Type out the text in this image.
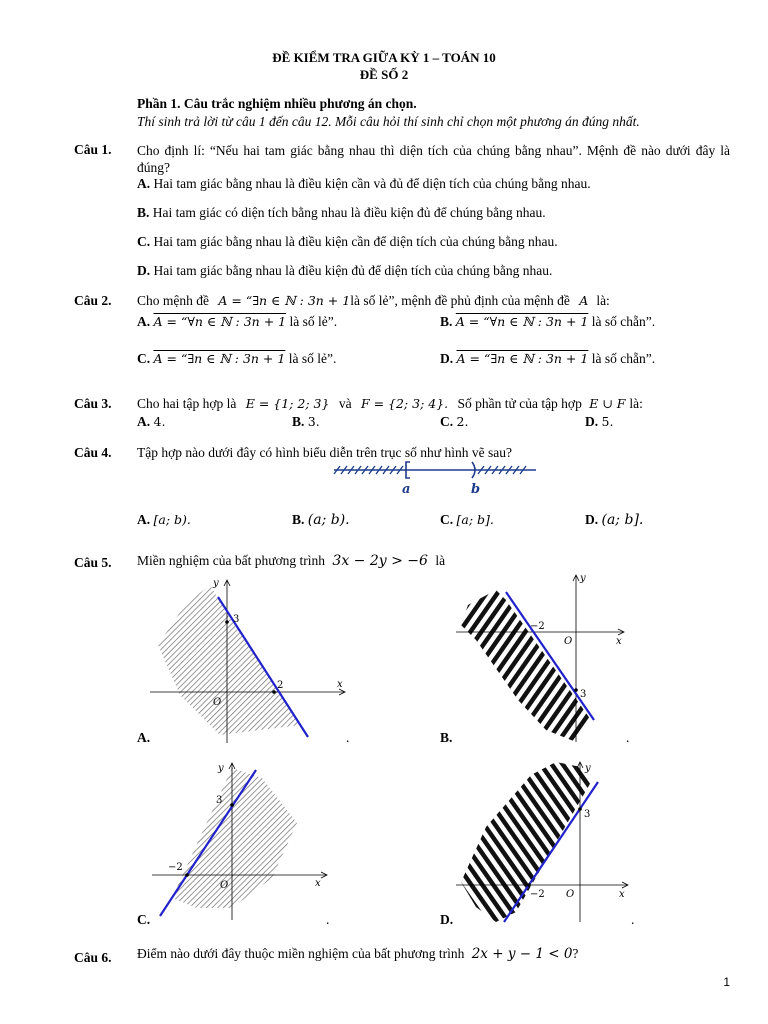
ĐỀ KIỂM TRA GIỮA KỲ 1 – TOÁN 10
ĐỀ SỐ 2
Phần 1. Câu trắc nghiệm nhiều phương án chọn.
Thí sinh trả lời từ câu 1 đến câu 12. Mỗi câu hỏi thí sinh chỉ chọn một phương án đúng nhất.
Câu 1. Cho định lí: “Nếu hai tam giác bằng nhau thì diện tích của chúng bằng nhau”. Mệnh đề nào dưới đây là đúng?
A. Hai tam giác bằng nhau là điều kiện cần và đủ để diện tích của chúng bằng nhau.
B. Hai tam giác có diện tích bằng nhau là điều kiện đủ để chúng bằng nhau.
C. Hai tam giác bằng nhau là điều kiện cần để diện tích của chúng bằng nhau.
D. Hai tam giác bằng nhau là điều kiện đủ để diện tích của chúng bằng nhau.
Câu 2. Cho mệnh đề A = “∃n ∈ ℕ : 3n + 1là số lẻ”, mệnh đề phủ định của mệnh đề A là:
A. A = “∀n ∈ ℕ : 3n + 1 là số lẻ”.	B. A = “∀n ∈ ℕ : 3n + 1 là số chẵn”.
C. A = “∃n ∈ ℕ : 3n + 1 là số lẻ”.	D. A = “∃n ∈ ℕ : 3n + 1 là số chẵn”.
Câu 3. Cho hai tập hợp là E = {1; 2; 3} và F = {2; 3; 4}. Số phần tử của tập hợp E ∪ F là:
A. 4.	B. 3.	C. 2.	D. 5.
Câu 4. Tập hợp nào dưới đây có hình biểu diễn trên trục số như hình vẽ sau?
a	b
A. [a; b).	B. (a; b).	C. [a; b].	D. (a; b].
Câu 5. Miền nghiệm của bất phương trình 3x − 2y > −6 là
3
2
O
x
y
A.	.
−2
3
O	x
y
B.	.
3
−2
O	x
y
C.	.
3
−2 O	x
y
D.	.
Câu 6. Điểm nào dưới đây thuộc miền nghiệm của bất phương trình 2x + y − 1 < 0?
1
